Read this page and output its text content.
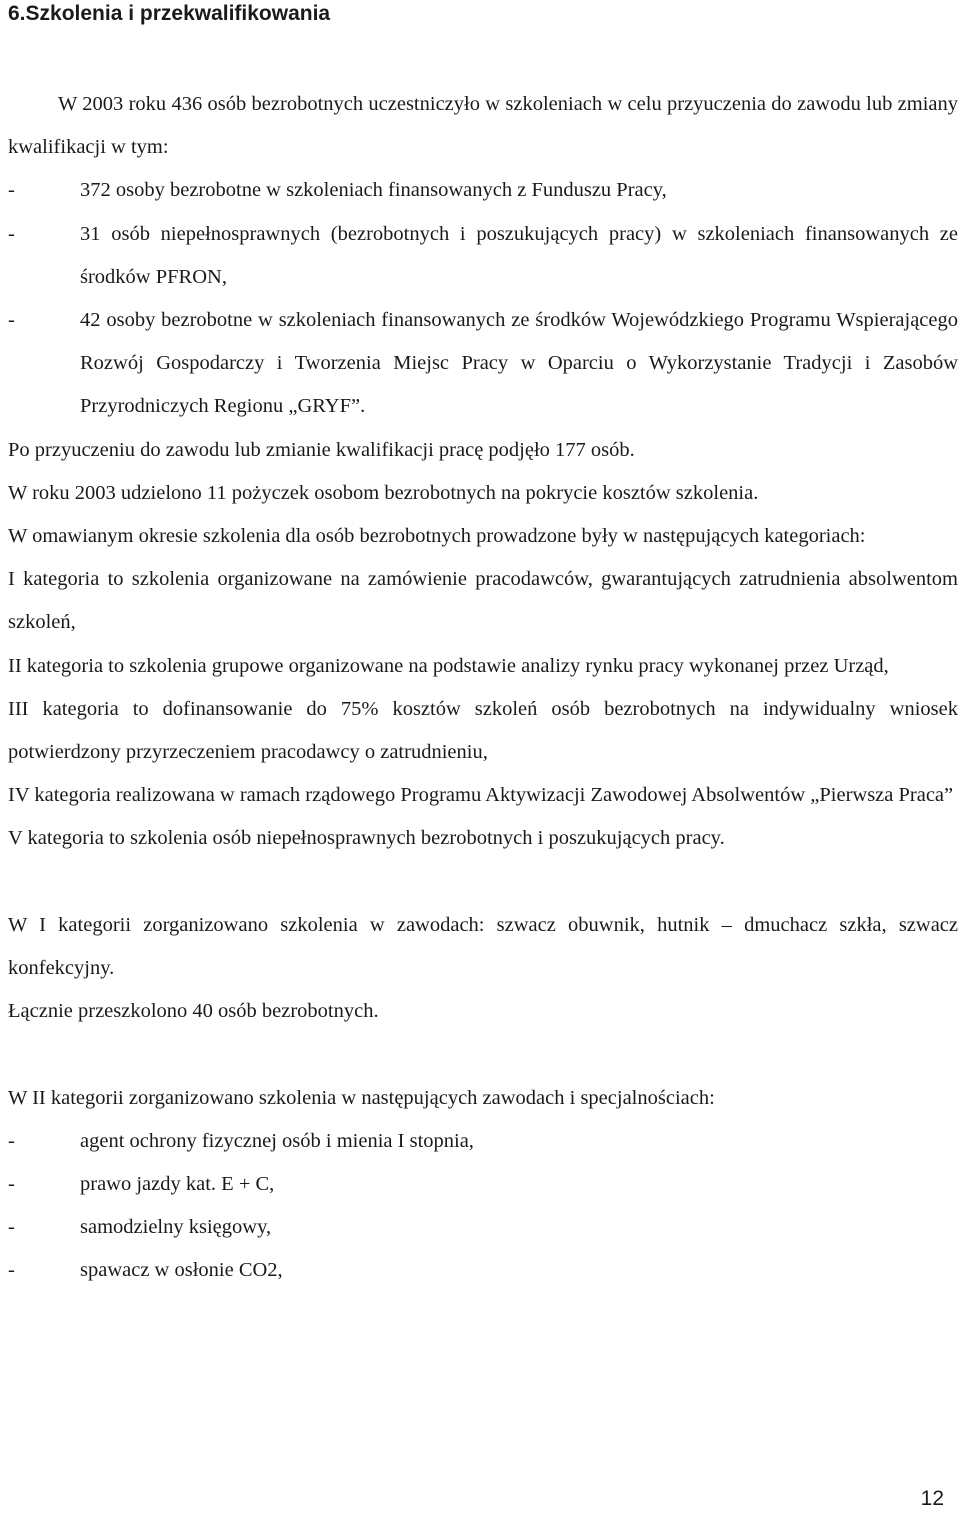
6.Szkolenia i przekwalifikowania

W 2003 roku 436 osób bezrobotnych uczestniczyło w szkoleniach w celu przyuczenia do zawodu lub zmiany kwalifikacji w tym:

-	372 osoby bezrobotne w szkoleniach finansowanych z Funduszu Pracy,
-	31 osób niepełnosprawnych (bezrobotnych i poszukujących pracy) w szkoleniach finansowanych ze środków PFRON,
-	42 osoby bezrobotne w szkoleniach finansowanych ze środków Wojewódzkiego Programu Wspierającego Rozwój Gospodarczy i Tworzenia Miejsc Pracy w Oparciu o Wykorzystanie Tradycji i Zasobów Przyrodniczych Regionu „GRYF”.

Po przyuczeniu do zawodu lub zmianie kwalifikacji pracę podjęło 177 osób.

W roku 2003 udzielono 11 pożyczek osobom bezrobotnych na pokrycie kosztów szkolenia.

W omawianym okresie szkolenia dla osób bezrobotnych prowadzone były w następujących kategoriach:

I kategoria to szkolenia organizowane na zamówienie pracodawców, gwarantujących zatrudnienia absolwentom szkoleń,

II kategoria to szkolenia grupowe organizowane na podstawie analizy rynku pracy wykonanej przez Urząd,

III kategoria to dofinansowanie do 75% kosztów szkoleń osób bezrobotnych na indywidualny wniosek potwierdzony przyrzeczeniem pracodawcy o zatrudnieniu,

IV kategoria realizowana w ramach rządowego Programu Aktywizacji Zawodowej Absolwentów „Pierwsza Praca”

V kategoria to szkolenia osób niepełnosprawnych bezrobotnych i poszukujących pracy.

W I kategorii zorganizowano szkolenia w zawodach: szwacz obuwnik, hutnik – dmuchacz szkła, szwacz konfekcyjny.

Łącznie przeszkolono 40 osób bezrobotnych.

W II kategorii zorganizowano szkolenia w następujących zawodach i specjalnościach:

-	agent ochrony fizycznej osób i mienia I stopnia,
-	prawo jazdy kat. E + C,
-	samodzielny księgowy,
-	spawacz w osłonie CO2,
12
